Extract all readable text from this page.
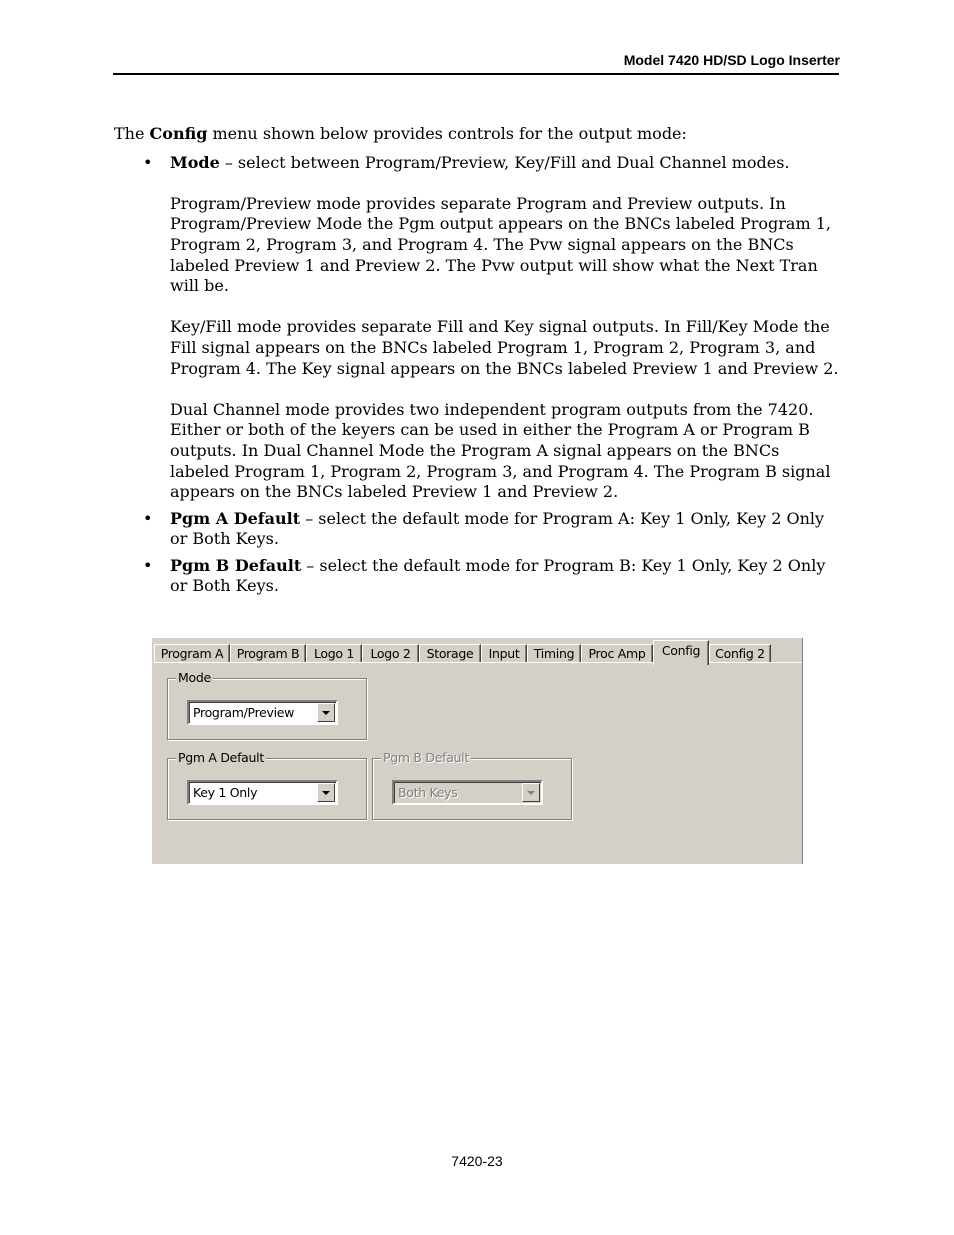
Model 7420 HD/SD Logo Inserter

The Config menu shown below provides controls for the output mode:

• Mode – select between Program/Preview, Key/Fill and Dual Channel modes.

Program/Preview mode provides separate Program and Preview outputs. In Program/Preview Mode the Pgm output appears on the BNCs labeled Program 1, Program 2, Program 3, and Program 4. The Pvw signal appears on the BNCs labeled Preview 1 and Preview 2. The Pvw output will show what the Next Tran will be.

Key/Fill mode provides separate Fill and Key signal outputs. In Fill/Key Mode the Fill signal appears on the BNCs labeled Program 1, Program 2, Program 3, and Program 4. The Key signal appears on the BNCs labeled Preview 1 and Preview 2.

Dual Channel mode provides two independent program outputs from the 7420. Either or both of the keyers can be used in either the Program A or Program B outputs. In Dual Channel Mode the Program A signal appears on the BNCs labeled Program 1, Program 2, Program 3, and Program 4. The Program B signal appears on the BNCs labeled Preview 1 and Preview 2.

• Pgm A Default – select the default mode for Program A: Key 1 Only, Key 2 Only or Both Keys.

• Pgm B Default – select the default mode for Program B: Key 1 Only, Key 2 Only or Both Keys.

Program A	Program B	Logo 1	Logo 2	Storage	Input	Timing	Proc Amp	Config	Config 2
Mode
Program/Preview
Pgm A Default
Key 1 Only
Pgm B Default
Both Keys
7420-23
